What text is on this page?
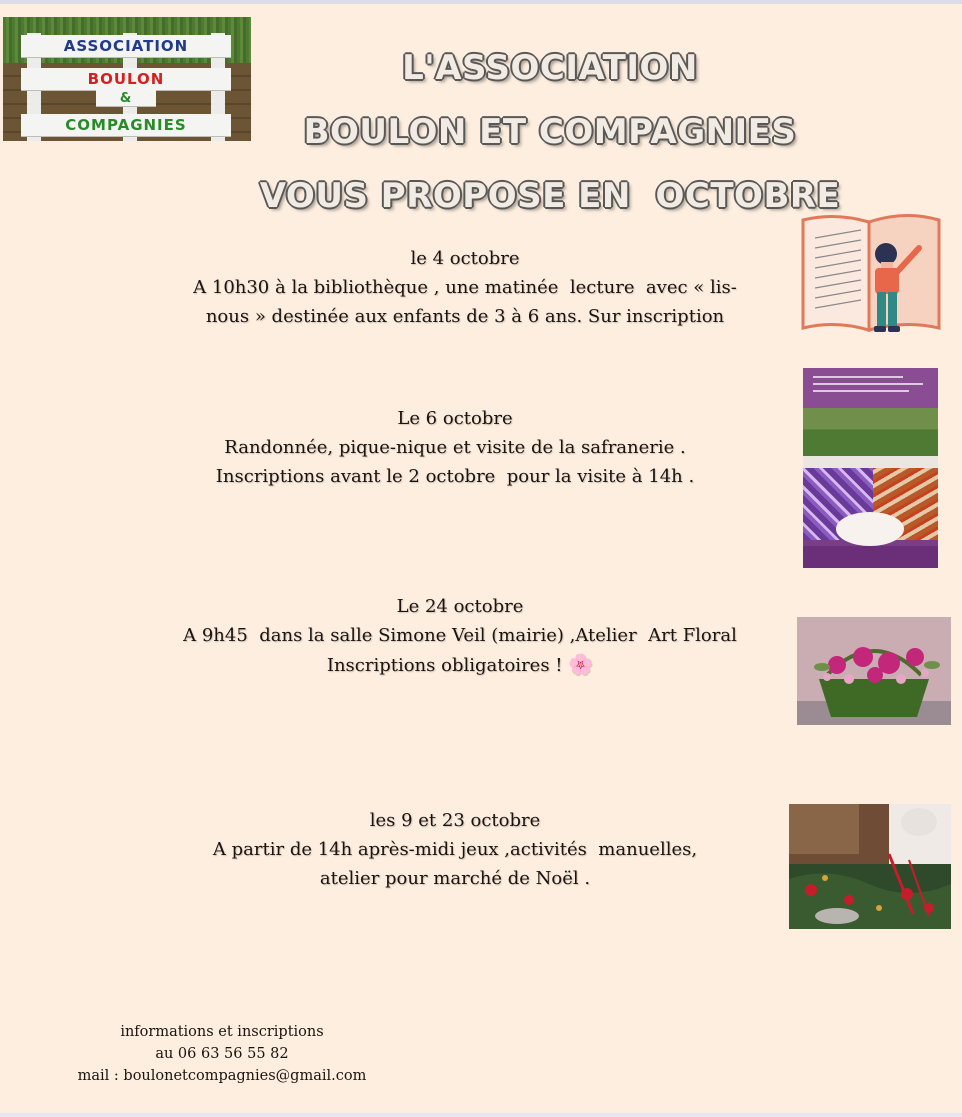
ASSOCIATION
BOULON
&
COMPAGNIES
L'ASSOCIATION
BOULON ET COMPAGNIES
VOUS PROPOSE EN  OCTOBRE
le 4 octobre
A 10h30 à la bibliothèque , une matinée  lecture  avec « lis-
nous » destinée aux enfants de 3 à 6 ans. Sur inscription
Le 6 octobre
Randonnée, pique-nique et visite de la safranerie .
Inscriptions avant le 2 octobre  pour la visite à 14h .
Le 24 octobre
A 9h45  dans la salle Simone Veil (mairie) ,Atelier  Art Floral
Inscriptions obligatoires ! 🌸
les 9 et 23 octobre
A partir de 14h après-midi jeux ,activités  manuelles,
atelier pour marché de Noël .
informations et inscriptions
au 06 63 56 55 82
mail : boulonetcompagnies@gmail.com
